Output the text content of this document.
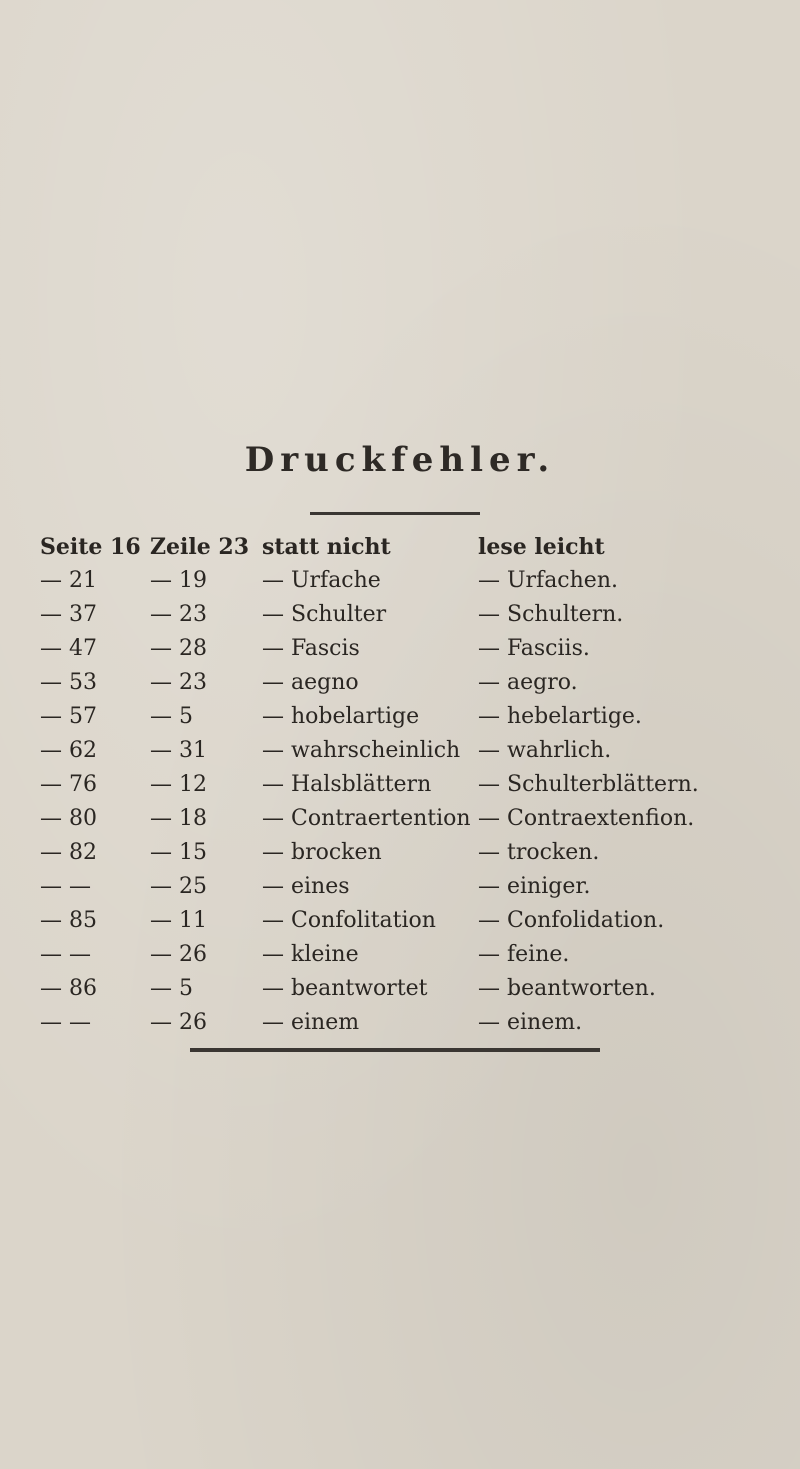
Druckfehler.
Seite 16 Zeile 23 statt nicht	lese leicht
— 21	— 19	— Urfache	— Urfachen.
— 37	— 23	— Schulter	— Schultern.
— 47	— 28	— Fascis	— Fasciis.
— 53	— 23	— aegno	— aegro.
— 57	— 5	— hobelartige	— hebelartige.
— 62	— 31	— wahrscheinlich — wahrlich.
— 76	— 12	— Halsblättern	— Schulterblättern.
— 80	— 18	— Contraertention — Contraextenfion.
— 82	— 15	— brocken	— trocken.
— —	— 25	— eines	— einiger.
— 85	— 11	— Confolitation	— Confolidation.
— —	— 26	— kleine	— feine.
— 86	— 5	— beantwortet	— beantworten.
— —	— 26	— einem	— einem.
